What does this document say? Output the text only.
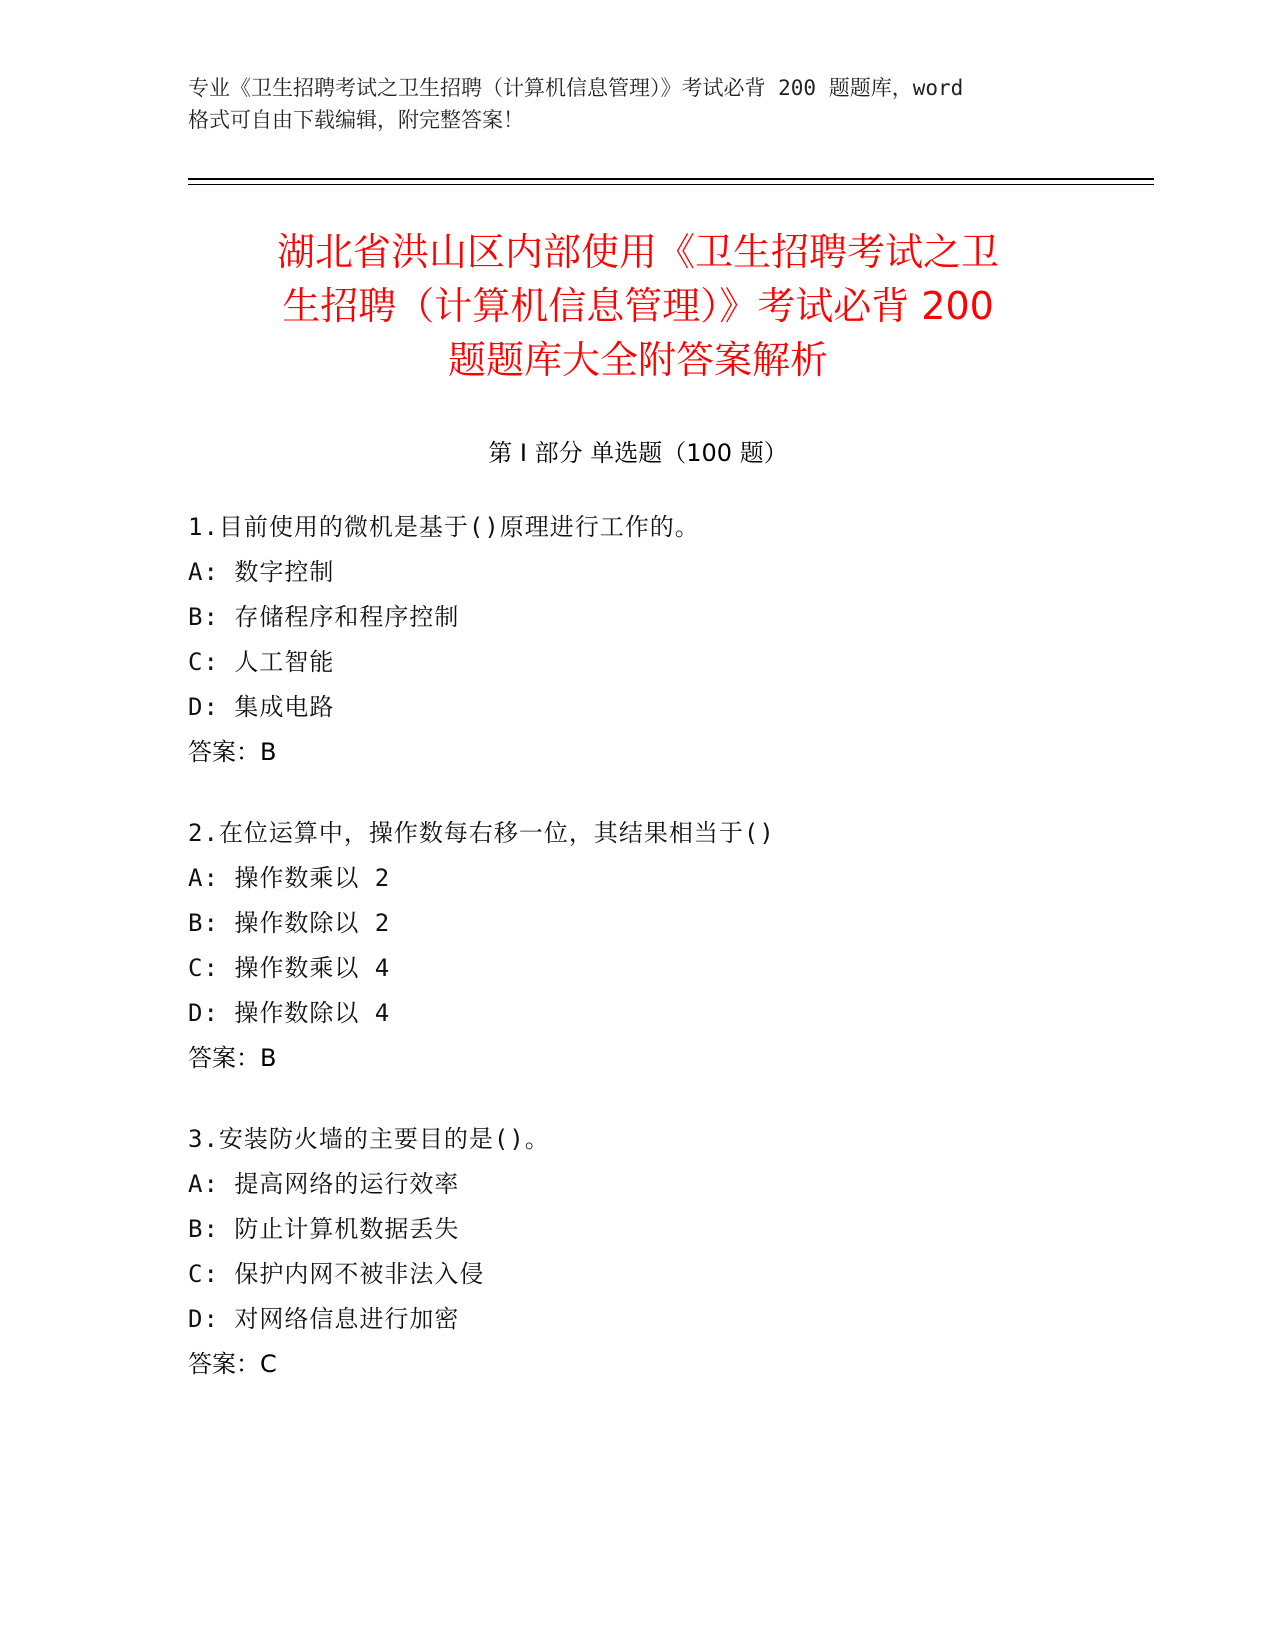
专业《卫生招聘考试之卫生招聘（计算机信息管理）》考试必背 200 题题库，word
格式可自由下载编辑，附完整答案！
湖北省洪山区内部使用《卫生招聘考试之卫
生招聘（计算机信息管理）》考试必背 200
题题库大全附答案解析
第 I 部分 单选题（100 题）
1.目前使用的微机是基于()原理进行工作的。
A: 数字控制
B: 存储程序和程序控制
C: 人工智能
D: 集成电路
答案：B
2.在位运算中，操作数每右移一位，其结果相当于()
A: 操作数乘以 2
B: 操作数除以 2
C: 操作数乘以 4
D: 操作数除以 4
答案：B
3.安装防火墙的主要目的是()。
A: 提高网络的运行效率
B: 防止计算机数据丢失
C: 保护内网不被非法入侵
D: 对网络信息进行加密
答案：C
